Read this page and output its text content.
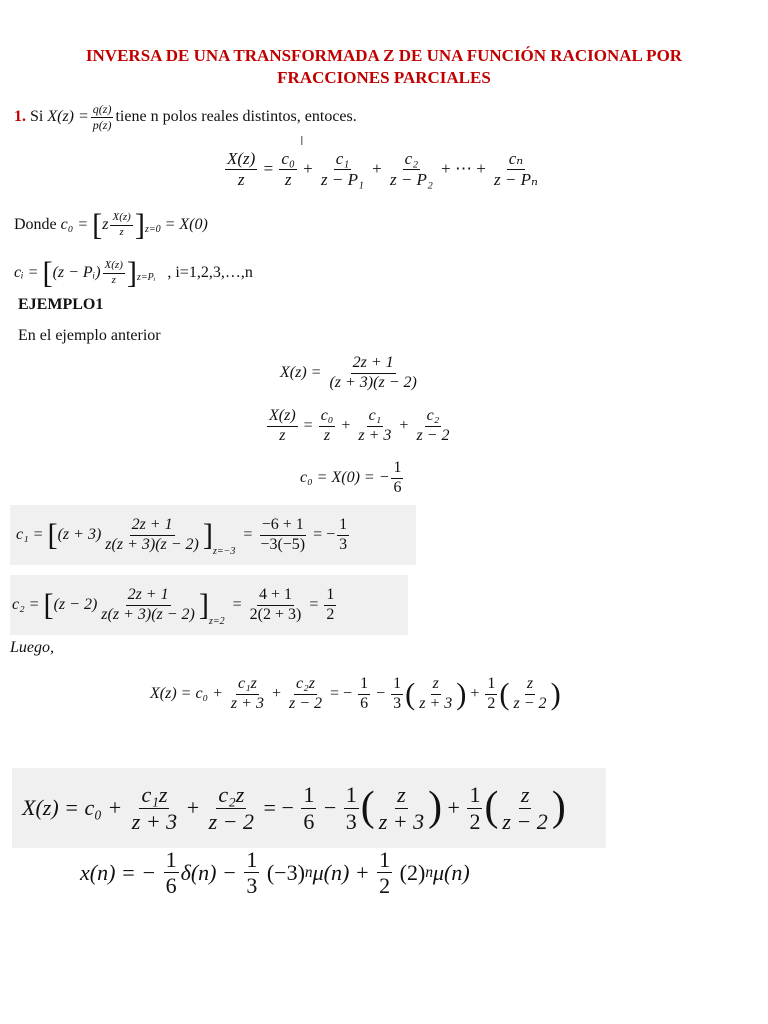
INVERSA DE UNA TRANSFORMADA Z DE UNA FUNCIÓN RACIONAL POR
FRACCIONES PARCIALES
1.
Si
$X(z) = \frac{q(z)}{p(z)}$ tiene n polos reales distintos, entoces.
I
$\frac{X(z)}{z} = \frac{\text{c₀}}{z} + \frac{\text{c₁}}{\text{z − P₁}} + \frac{\text{c₂}}{\text{z − P₂}}$
+ ⋯ +
$\frac{\text{cₙ}}{\text{z − Pₙ}}$
Donde
c₀ =
[ z $\frac{X(z)}{z}$ ] z=0
= X(0)
cᵢ =
[ (z − Pᵢ) $\frac{X(z)}{z}$ ] z=Pᵢ
, i=1,2,3,…,n
EJEMPLO1
En el ejemplo anterior
X(z) =
$\frac{2z + 1}{(z + 3)(z - 2)}$
$\frac{X(z)}{z} = \frac{\text{c₀}}{z} + \frac{\text{c₁}}{z + 3} + \frac{\text{c₂}}{z - 2}$
c₀ = X(0) = − $\frac{1}{6}$
c₁ =
[ $(z + 3) \frac{2z + 1}{z(z + 3)(z - 2)}$ ] z=−3
= $\frac{-6 + 1}{-3(-5)}$
= − $\frac{1}{3}$
c₂ =
[ $(z - 2) \frac{2z + 1}{z(z + 3)(z - 2)}$ ] z=2
= $\frac{4 + 1}{2(2 + 3)} = \frac{1}{2}$
Luego,
X(z) = c₀ +
$\frac{\text{c₁z}}{z + 3} + \frac{\text{c₂z}}{z - 2}$ = − $\frac{1}{6} - \frac{1}{3}$ ( $\frac{z}{z + 3}$ ) + $\frac{1}{2}$ ( $\frac{z}{z - 2}$ )
X(z) = c₀ +
$\frac{\text{c₁z}}{z + 3} + \frac{\text{c₂z}}{z - 2}$ = − $\frac{1}{6} - \frac{1}{3}$ ( $\frac{z}{z + 3}$ ) + $\frac{1}{2}$ ( $\frac{z}{z - 2}$ )
x(n) = −
$\frac{1}{6} \delta(n)$ −
$\frac{1}{3}$
(−3) n μ(n) +
$\frac{1}{2}$
(2) n μ(n)
